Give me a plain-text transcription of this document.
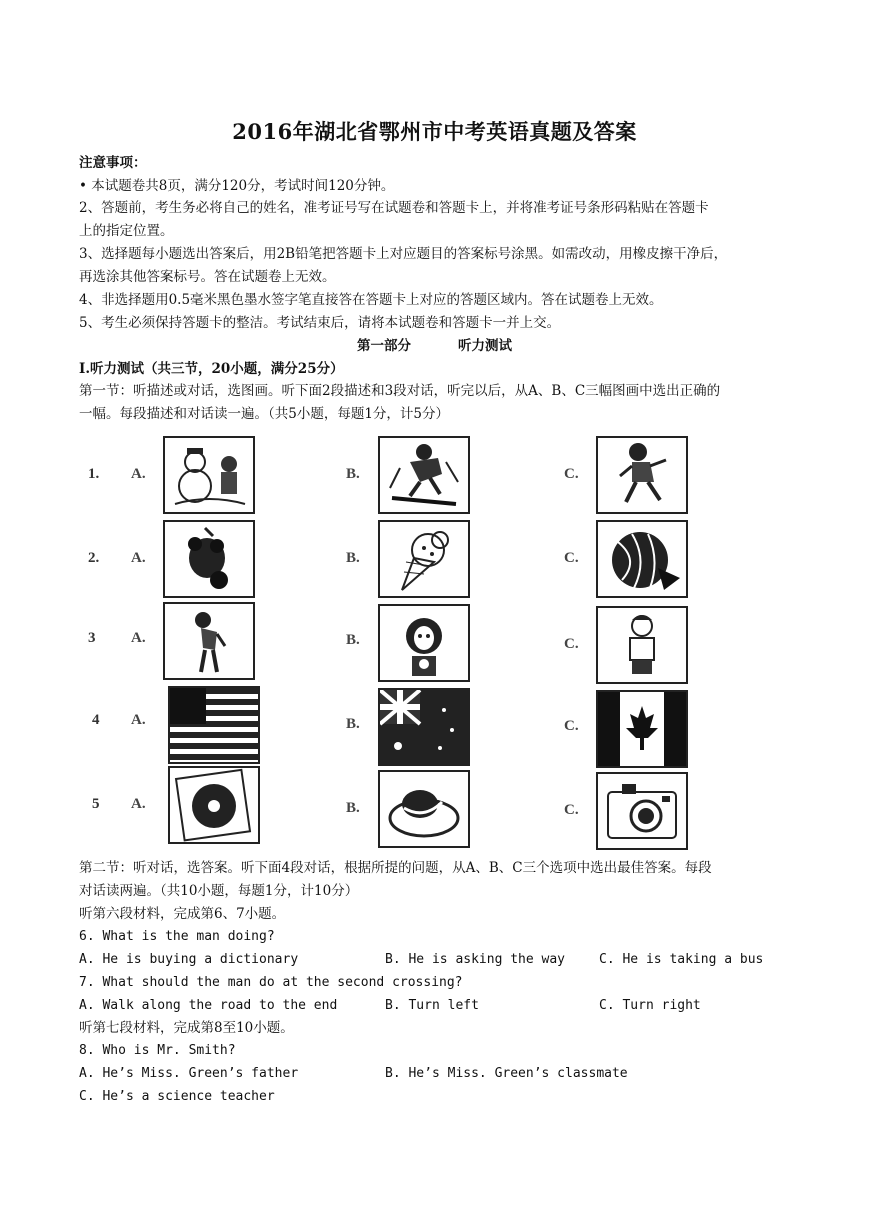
2016年湖北省鄂州市中考英语真题及答案
注意事项：
• 本试题卷共8页，满分120分，考试时间120分钟。
2、答题前，考生务必将自己的姓名，准考证号写在试题卷和答题卡上，并将准考证号条形码粘贴在答题卡
上的指定位置。
3、选择题每小题选出答案后，用2B铅笔把答题卡上对应题目的答案标号涂黑。如需改动，用橡皮擦干净后，
再选涂其他答案标号。答在试题卷上无效。
4、非选择题用0.5毫米黑色墨水签字笔直接答在答题卡上对应的答题区域内。答在试题卷上无效。
5、考生必须保持答题卡的整洁。考试结束后，请将本试题卷和答题卡一并上交。
第一部分          听力测试
Ⅰ.听力测试（共三节，20小题，满分25分）
第一节：听描述或对话，选图画。听下面2段描述和3段对话，听完以后，从A、B、C三幅图画中选出正确的
一幅。每段描述和对话读一遍。（共5小题，每题1分，计5分）
1. A.	B.	C.
2. A.	B.	C.
3 A.	B.	C.
4 A.	B.	C.
5 A.	B.	C.
第二节：听对话，选答案。听下面4段对话，根据所提的问题，从A、B、C三个选项中选出最佳答案。每段
对话读两遍。（共10小题，每题1分，计10分）
听第六段材料，完成第6、7小题。
6. What is the man doing?
A. He is buying a dictionary	B. He is asking the way	C. He is taking a bus
7. What should the man do at the second crossing?
A. Walk along the road to the end	B. Turn left	C. Turn right
听第七段材料，完成第8至10小题。
8. Who is Mr. Smith?
A. He’s Miss. Green’s father	B. He’s Miss. Green’s classmate
C. He’s a science teacher
